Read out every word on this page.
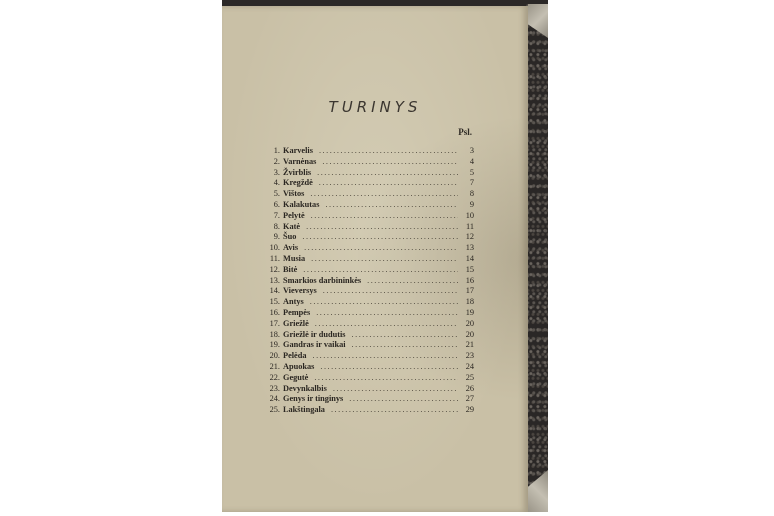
TURINYS
Psl.
1. Karvelis .....	3
2. Varnėnas .....	4
3. Žvirblis .....	5
4. Kregždė .....	7
5. Vištos .....	8
6. Kalakutas .....	9
7. Pelytė .....	10
8. Katė .....	11
9. Šuo .....	12
10. Avis .....	13
11. Musia .....	14
12. Bitė .....	15
13. Smarkios darbininkės .....	16
14. Vieversys .....	17
15. Antys .....	18
16. Pempės .....	19
17. Griežlė .....	20
18. Griežlė ir dudutis .....	20
19. Gandras ir vaikai .....	21
20. Pelėda .....	23
21. Apuokas .....	24
22. Gegutė .....	25
23. Devynkalbis .....	26
24. Genys ir tinginys .....	27
25. Lakštingala .....	29
